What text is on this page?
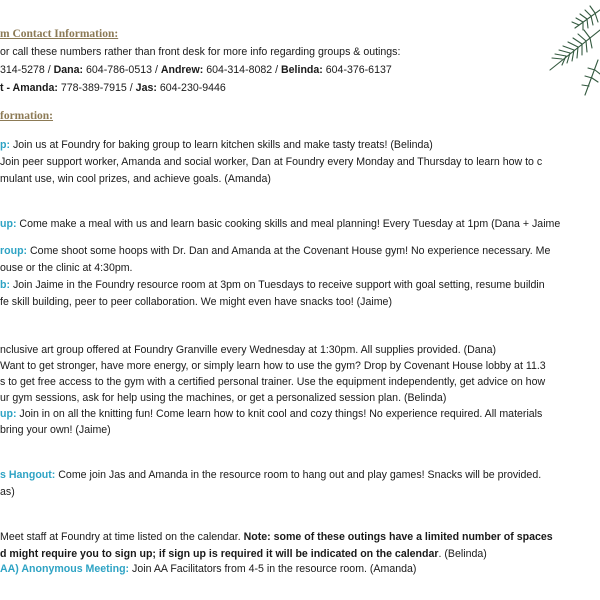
m Contact Information:
or call these numbers rather than front desk for more info regarding groups & outings:
314-5278 / Dana: 604-786-0513 / Andrew: 604-314-8082 / Belinda: 604-376-6137
t - Amanda: 778-389-7915 / Jas: 604-230-9446
formation:
p: Join us at Foundry for baking group to learn kitchen skills and make tasty treats! (Belinda)
Join peer support worker, Amanda and social worker, Dan at Foundry every Monday and Thursday to learn how to c
mulant use, win cool prizes, and achieve goals. (Amanda)
up: Come make a meal with us and learn basic cooking skills and meal planning! Every Tuesday at 1pm (Dana + Jaime
roup: Come shoot some hoops with Dr. Dan and Amanda at the Covenant House gym! No experience necessary. Me
ouse or the clinic at 4:30pm.
b: Join Jaime in the Foundry resource room at 3pm on Tuesdays to receive support with goal setting, resume buildin
fe skill building, peer to peer collaboration. We might even have snacks too! (Jaime)
nclusive art group offered at Foundry Granville every Wednesday at 1:30pm. All supplies provided. (Dana)
Want to get stronger, have more energy, or simply learn how to use the gym? Drop by Covenant House lobby at 11.3
s to get free access to the gym with a certified personal trainer. Use the equipment independently, get advice on how
ur gym sessions, ask for help using the machines, or get a personalized session plan. (Belinda)
up: Join in on all the knitting fun! Come learn how to knit cool and cozy things! No experience required. All materials
bring your own! (Jaime)
s Hangout: Come join Jas and Amanda in the resource room to hang out and play games! Snacks will be provided.
as)
Meet staff at Foundry at time listed on the calendar. Note: some of these outings have a limited number of spaces
d might require you to sign up; if sign up is required it will be indicated on the calendar. (Belinda)
AA) Anonymous Meeting: Join AA Facilitators from 4-5 in the resource room. (Amanda)
